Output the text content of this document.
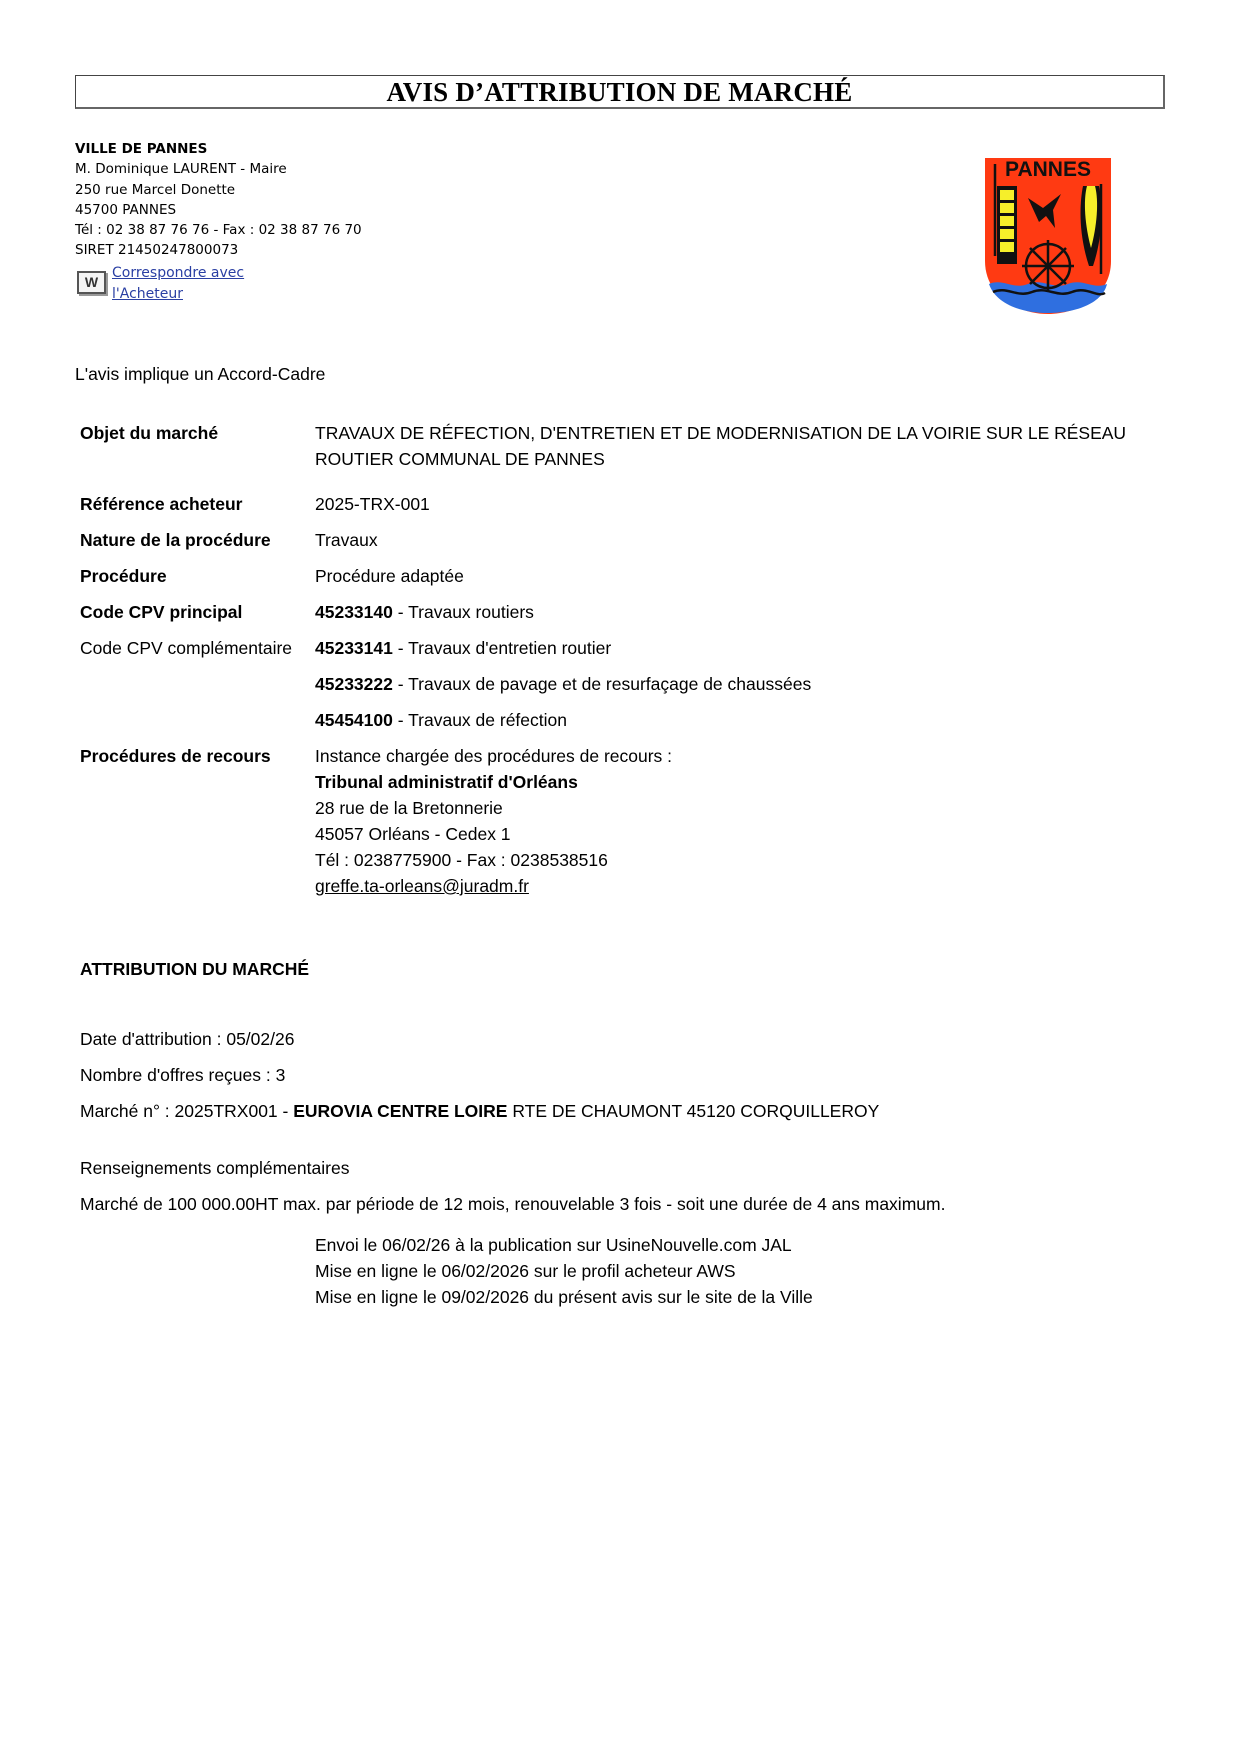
AVIS D’ATTRIBUTION DE MARCHÉ
VILLE DE PANNES
M. Dominique LAURENT - Maire
250 rue Marcel Donette
45700 PANNES
Tél : 02 38 87 76 76 - Fax : 02 38 87 76 70
SIRET 21450247800073
W
Correspondre avec
l'Acheteur
PANNES
L'avis implique un Accord-Cadre
Objet du marché	TRAVAUX DE RÉFECTION, D'ENTRETIEN ET DE MODERNISATION DE LA VOIRIE SUR LE RÉSEAU ROUTIER COMMUNAL DE PANNES
Référence acheteur	2025-TRX-001
Nature de la procédure	Travaux
Procédure	Procédure adaptée
Code CPV principal	45233140 - Travaux routiers
Code CPV complémentaire	45233141 - Travaux d'entretien routier
45233222 - Travaux de pavage et de resurfaçage de chaussées
45454100 - Travaux de réfection
Procédures de recours	Instance chargée des procédures de recours :
Tribunal administratif d'Orléans
28 rue de la Bretonnerie
45057 Orléans - Cedex 1
Tél : 0238775900 - Fax : 0238538516
greffe.ta-orleans@juradm.fr
ATTRIBUTION DU MARCHÉ
Date d'attribution : 05/02/26
Nombre d'offres reçues : 3
Marché n° : 2025TRX001 - EUROVIA CENTRE LOIRE RTE DE CHAUMONT 45120 CORQUILLEROY
Renseignements complémentaires
Marché de 100 000.00HT max. par période de 12 mois, renouvelable 3 fois - soit une durée de 4 ans maximum.
Envoi le 06/02/26 à la publication sur UsineNouvelle.com JAL
Mise en ligne le 06/02/2026 sur le profil acheteur AWS
Mise en ligne le 09/02/2026 du présent avis sur le site de la Ville
